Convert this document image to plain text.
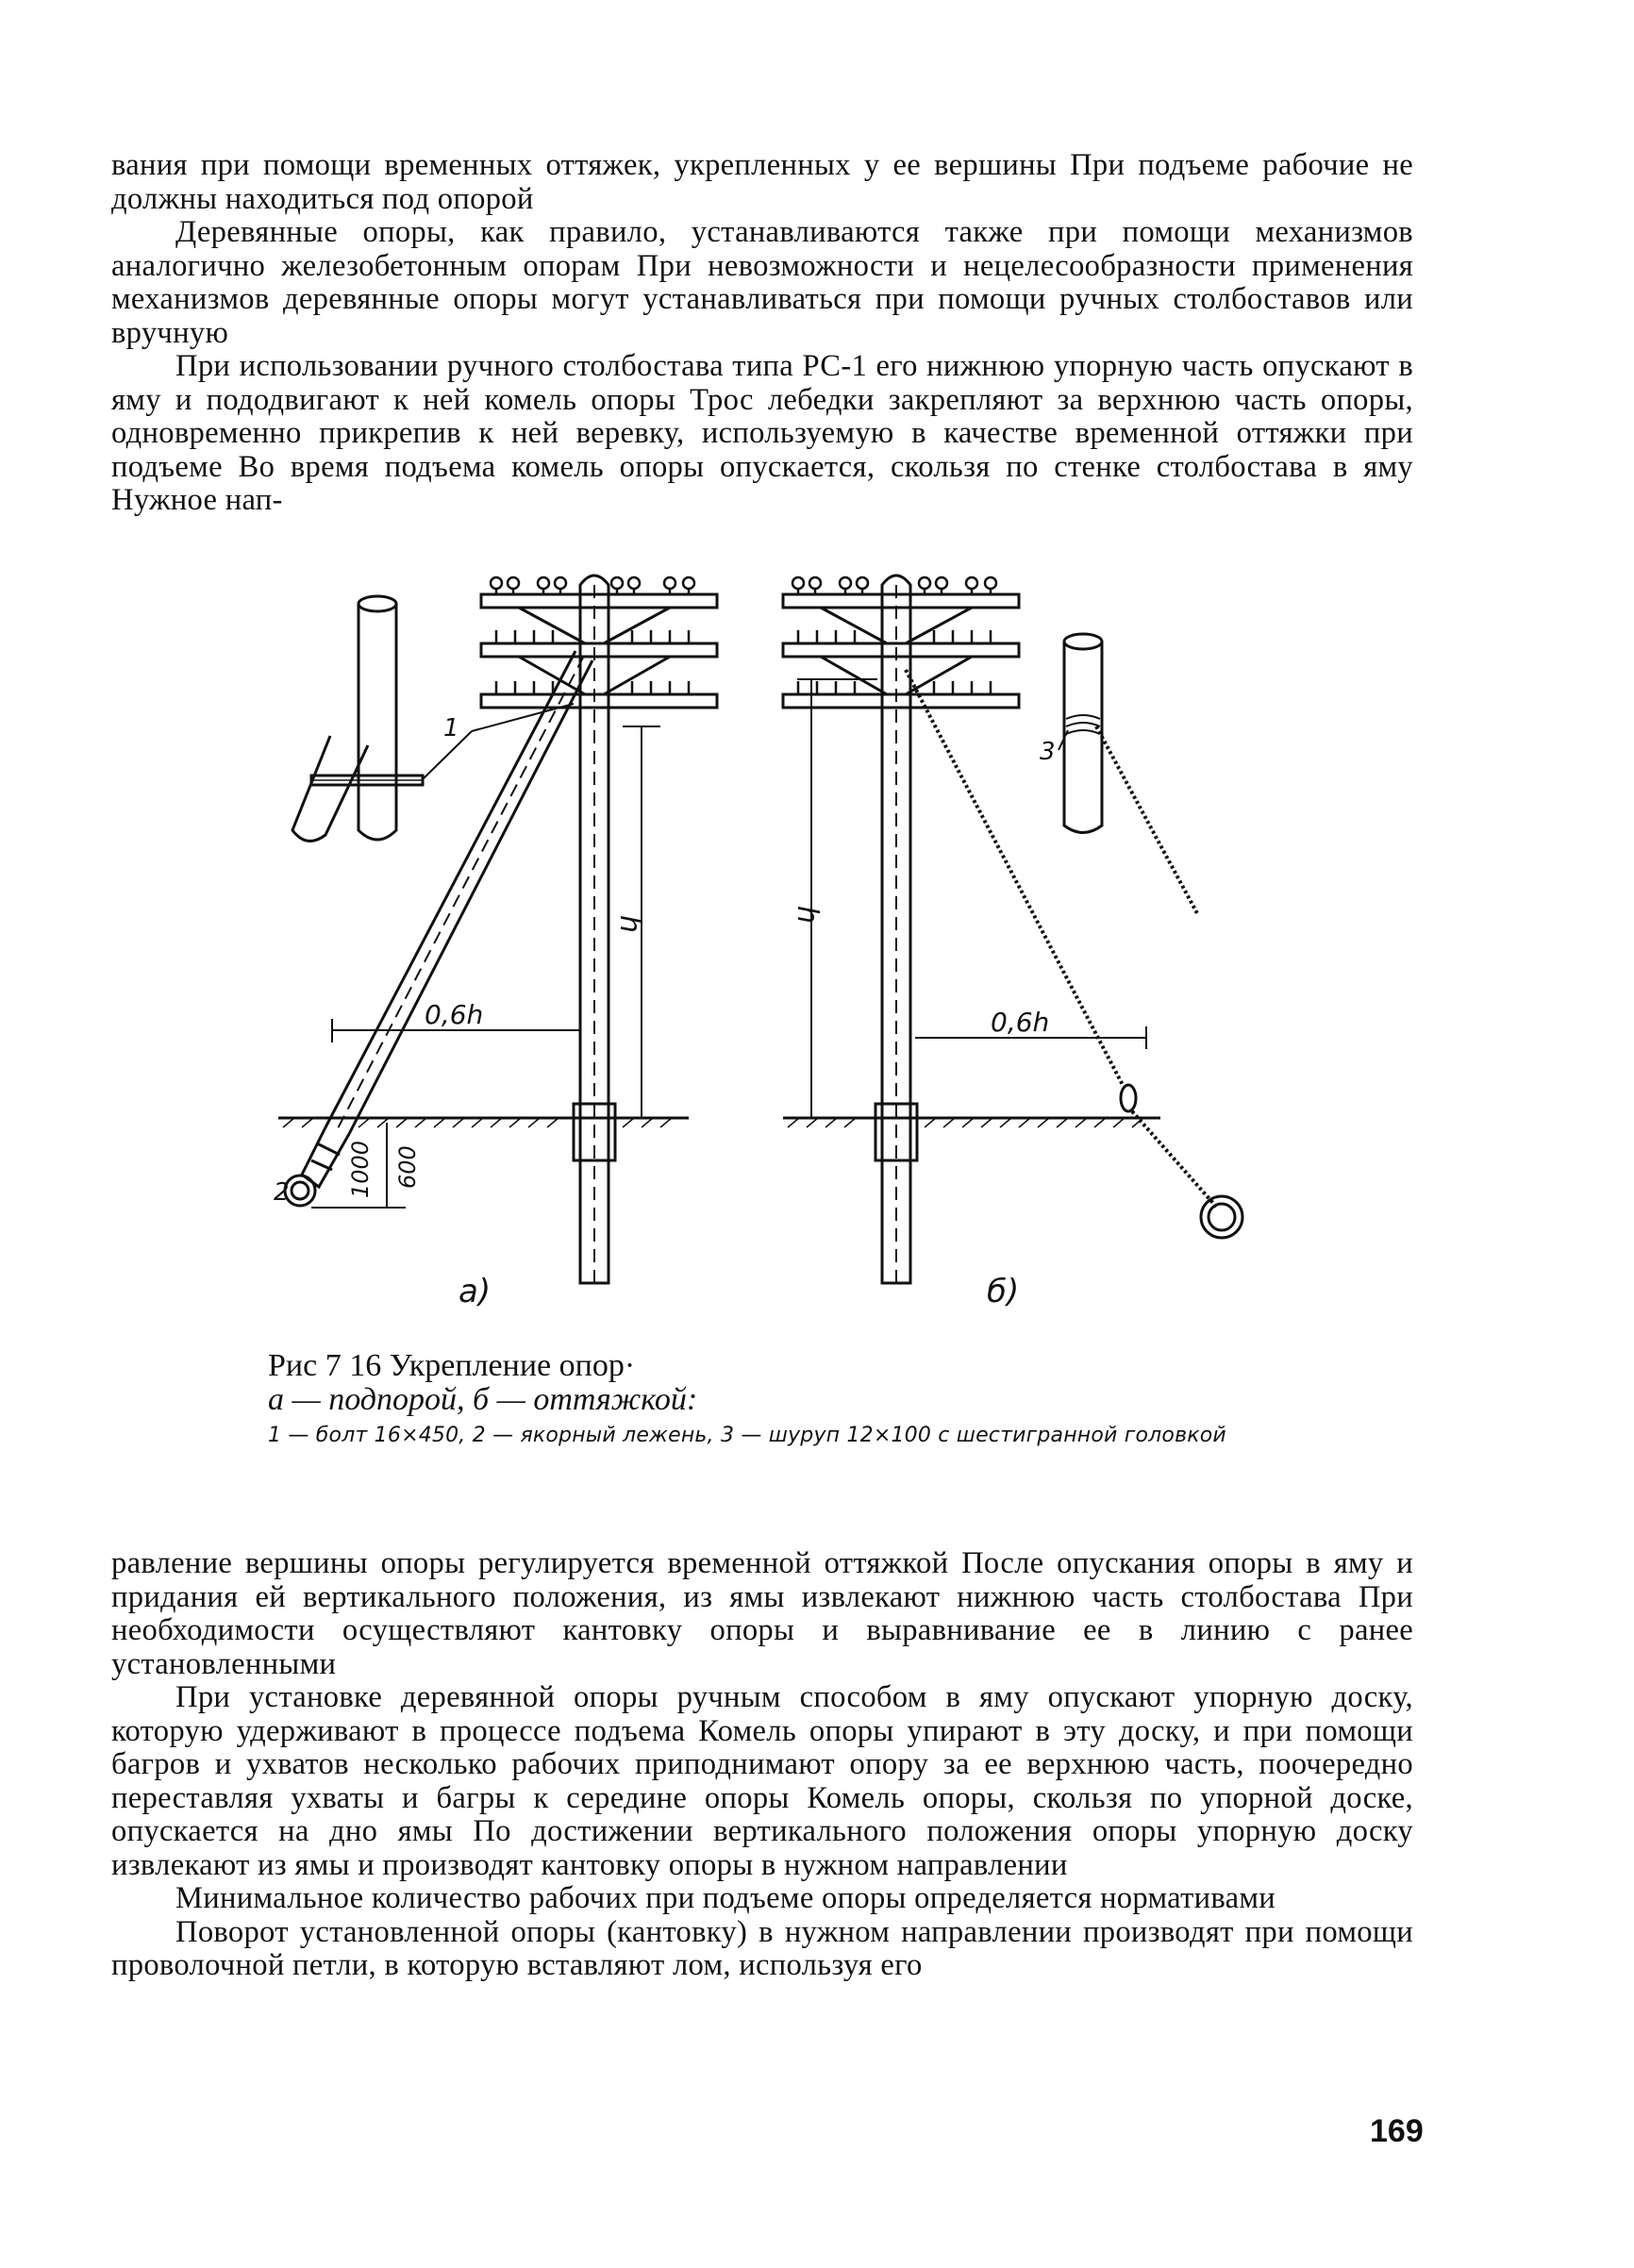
вания при помощи временных оттяжек, укрепленных у ее вершины При подъеме рабочие не должны находиться под опорой

Деревянные опоры, как правило, устанавливаются также при помощи механизмов аналогично железобетонным опорам При невозможности и нецелесообразности применения механизмов деревянные опоры могут устанавливаться при помощи ручных столбоставов или вручную

При использовании ручного столбостава типа РС-1 его нижнюю упорную часть опускают в яму и пододвигают к ней комель опоры Трос лебедки закрепляют за верхнюю часть опоры, одновременно прикрепив к ней веревку, используемую в качестве временной оттяжки при подъеме Во время подъема комель опоры опускается, скользя по стенке столбостава в яму Нужное нап-

1
2
3
h
h
0,6h	0,6h
1000 600
а)	б)
Рис 7 16 Укрепление опор·
а — подпорой, б — оттяжкой:
1 — болт 16×450, 2 — якорный лежень, 3 — шуруп 12×100 с шестигранной головкой

равление вершины опоры регулируется временной оттяжкой После опускания опоры в яму и придания ей вертикального положения, из ямы извлекают нижнюю часть столбостава При необходимости осуществляют кантовку опоры и выравнивание ее в линию с ранее установленными

При установке деревянной опоры ручным способом в яму опускают упорную доску, которую удерживают в процессе подъема Комель опоры упирают в эту доску, и при помощи багров и ухватов несколько рабочих приподнимают опору за ее верхнюю часть, поочередно переставляя ухваты и багры к середине опоры Комель опоры, скользя по упорной доске, опускается на дно ямы По достижении вертикального положения опоры упорную доску извлекают из ямы и производят кантовку опоры в нужном направлении

Минимальное количество рабочих при подъеме опоры определяется нормативами

Поворот установленной опоры (кантовку) в нужном направлении производят при помощи проволочной петли, в которую вставляют лом, используя его

169
